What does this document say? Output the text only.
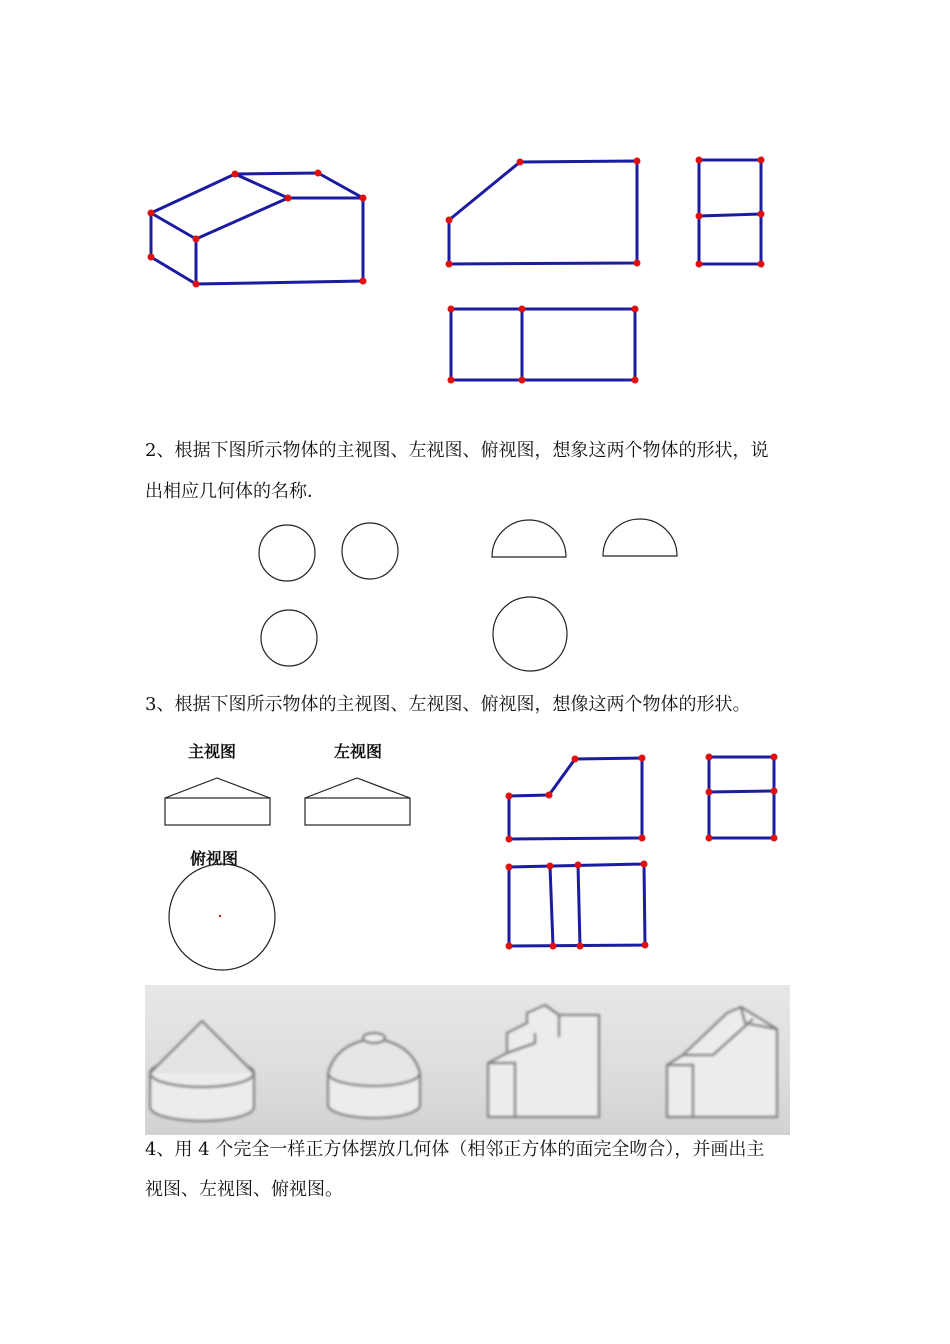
2、根据下图所示物体的主视图、左视图、俯视图，想象这两个物体的形状，说
出相应几何体的名称．
3、根据下图所示物体的主视图、左视图、俯视图，想像这两个物体的形状。
主视图	左视图
俯视图
4、用 4 个完全一样正方体摆放几何体（相邻正方体的面完全吻合），并画出主
视图、左视图、俯视图。
